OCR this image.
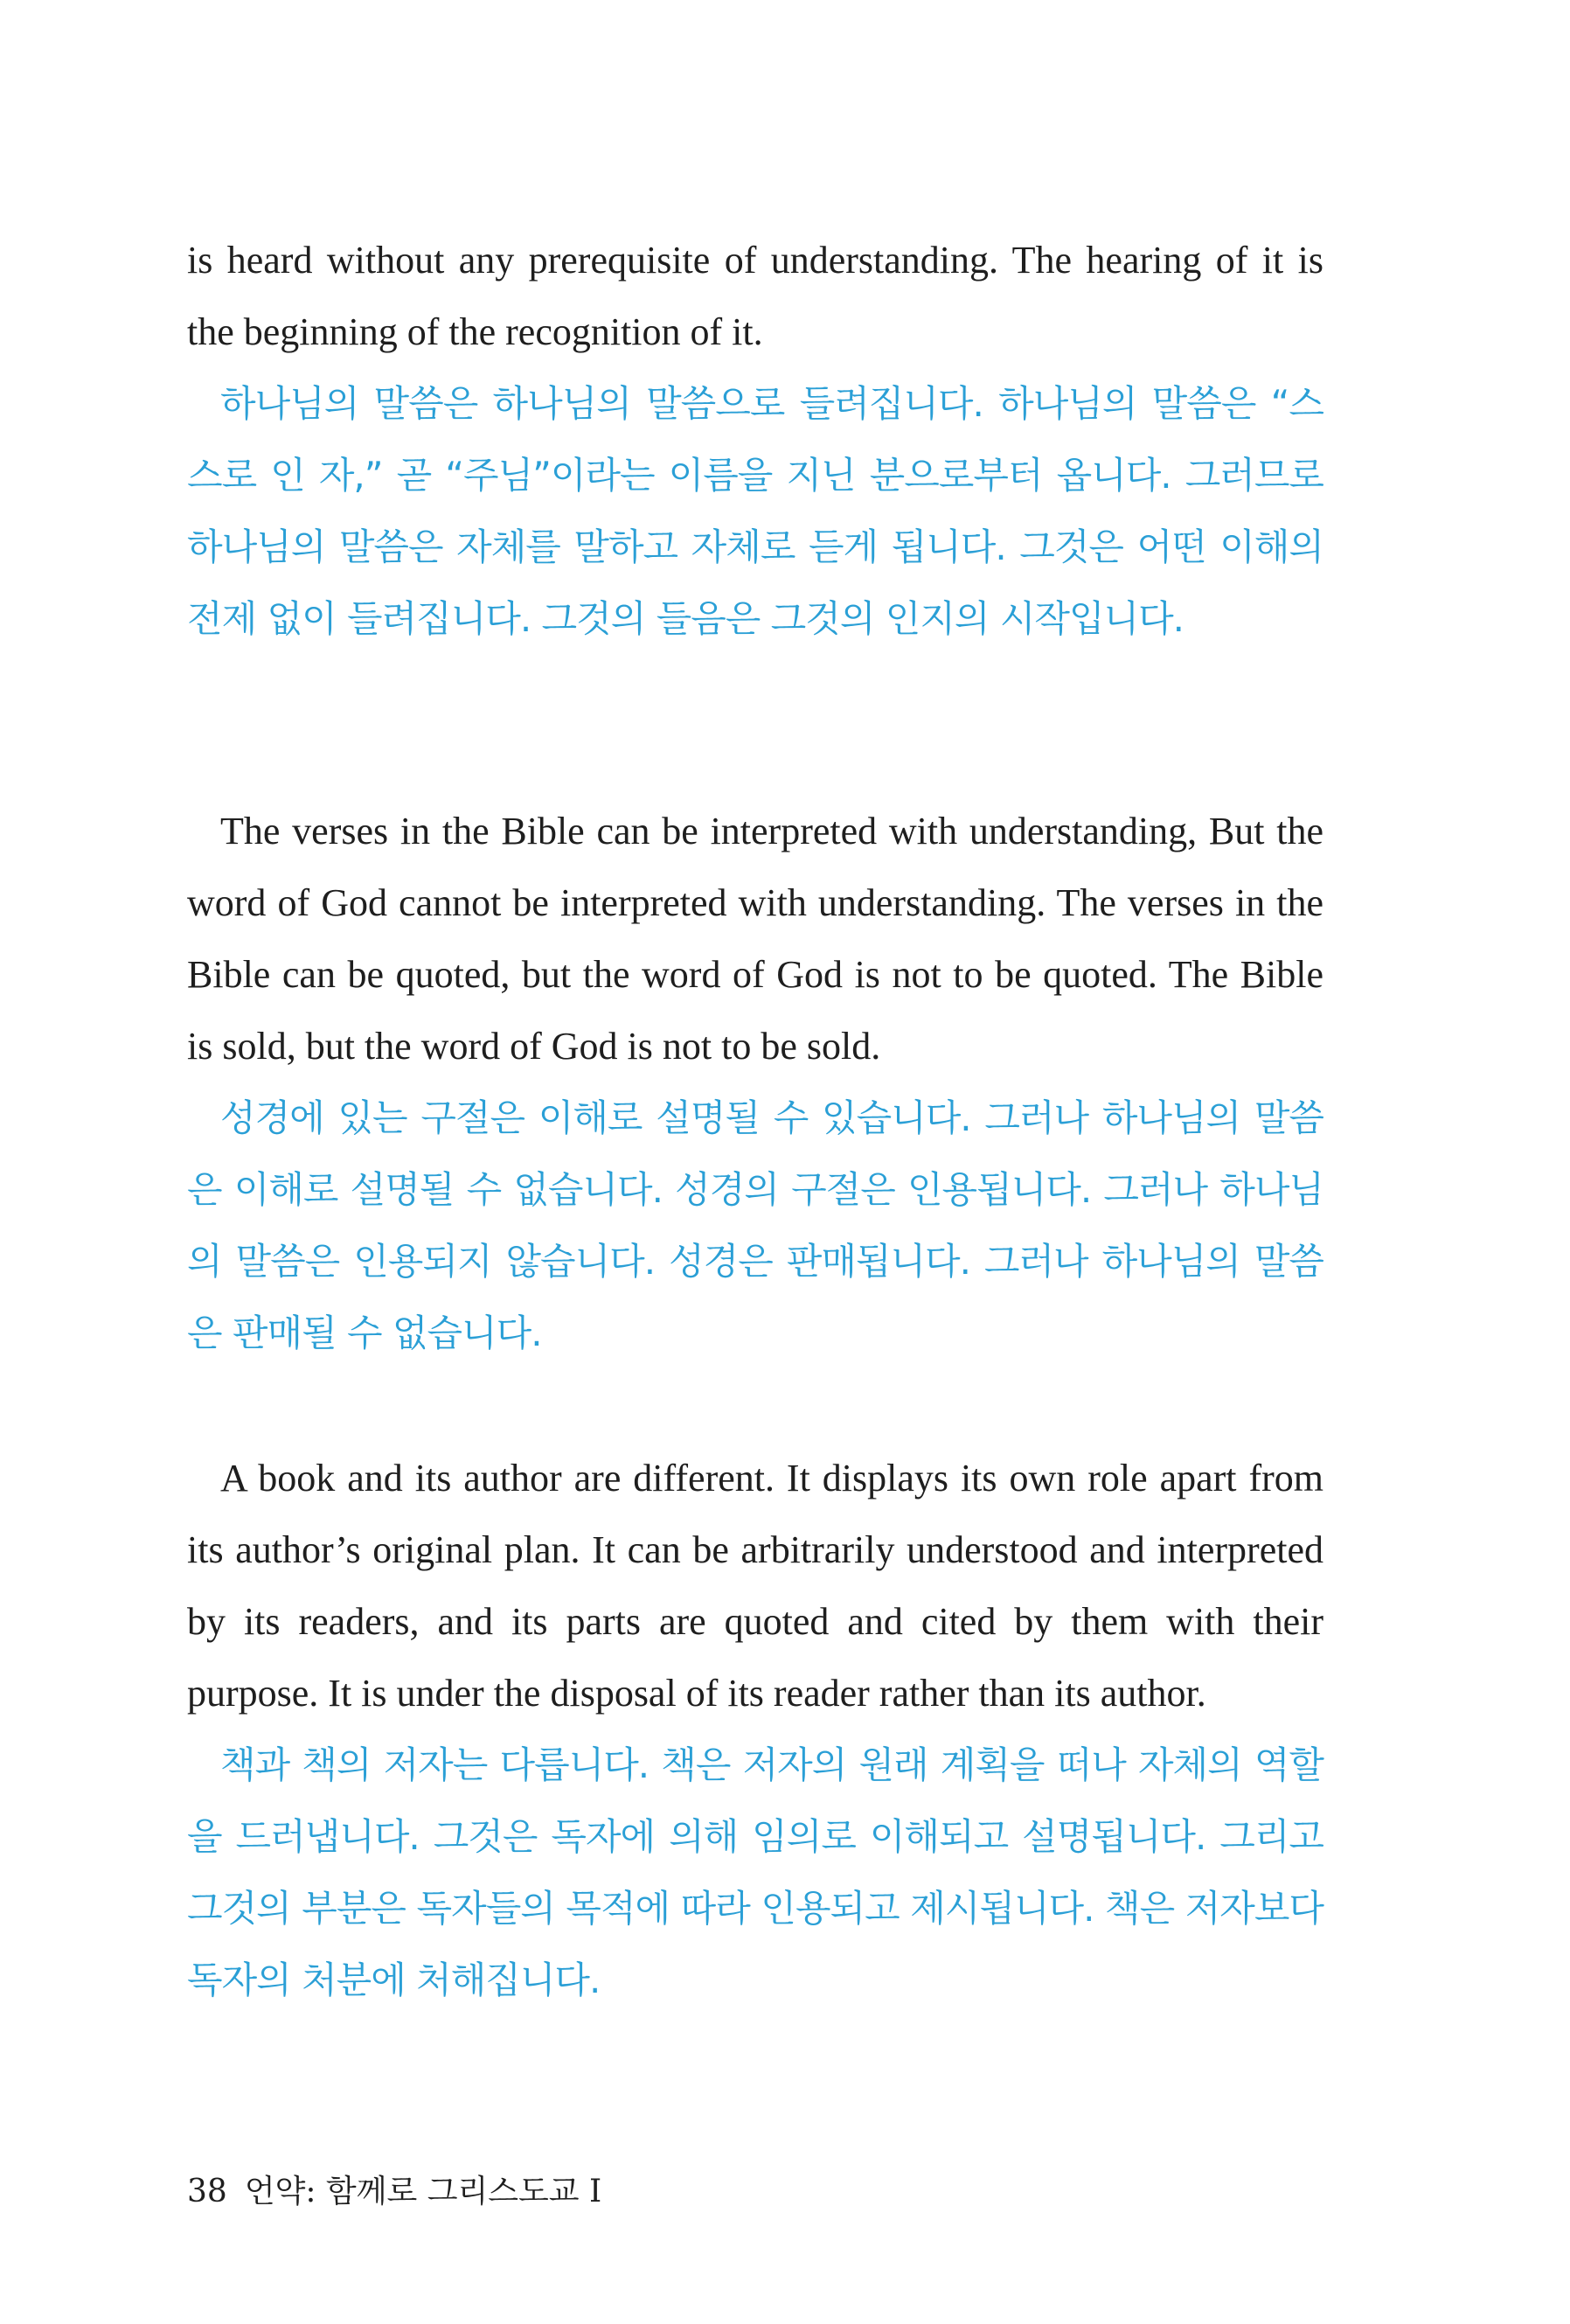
is heard without any prerequisite of understanding. The hearing of it is the beginning of the recognition of it.

하나님의 말씀은 하나님의 말씀으로 들려집니다. 하나님의 말씀은 “스스로 인 자,” 곧 “주님”이라는 이름을 지닌 분으로부터 옵니다. 그러므로 하나님의 말씀은 자체를 말하고 자체로 듣게 됩니다. 그것은 어떤 이해의 전제 없이 들려집니다. 그것의 들음은 그것의 인지의 시작입니다.

The verses in the Bible can be interpreted with understanding, But the word of God cannot be interpreted with understanding. The verses in the Bible can be quoted, but the word of God is not to be quoted. The Bible is sold, but the word of God is not to be sold.

성경에 있는 구절은 이해로 설명될 수 있습니다. 그러나 하나님의 말씀은 이해로 설명될 수 없습니다. 성경의 구절은 인용됩니다. 그러나 하나님의 말씀은 인용되지 않습니다. 성경은 판매됩니다. 그러나 하나님의 말씀은 판매될 수 없습니다.

A book and its author are different. It displays its own role apart from its author’s original plan. It can be arbitrarily understood and interpreted by its readers, and its parts are quoted and cited by them with their purpose. It is under the disposal of its reader rather than its author.

책과 책의 저자는 다릅니다. 책은 저자의 원래 계획을 떠나 자체의 역할을 드러냅니다. 그것은 독자에 의해 임의로 이해되고 설명됩니다. 그리고 그것의 부분은 독자들의 목적에 따라 인용되고 제시됩니다. 책은 저자보다 독자의 처분에 처해집니다.

38 언약: 함께로 그리스도교 I
